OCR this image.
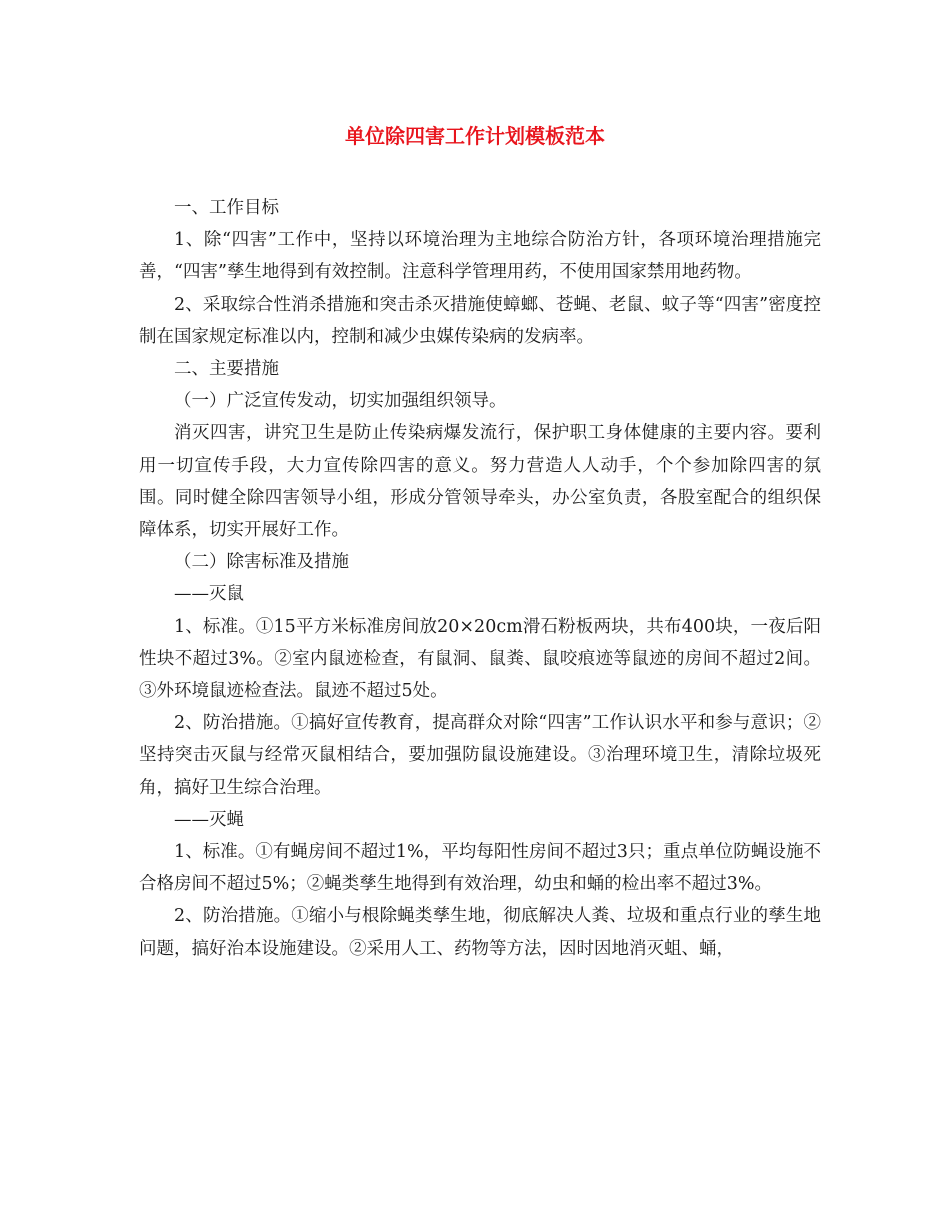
单位除四害工作计划模板范本

一、工作目标

1、除“四害”工作中，坚持以环境治理为主地综合防治方针，各项环境治理措施完善，“四害”孳生地得到有效控制。注意科学管理用药，不使用国家禁用地药物。

2、采取综合性消杀措施和突击杀灭措施使蟑螂、苍蝇、老鼠、蚊子等“四害”密度控制在国家规定标准以内，控制和减少虫媒传染病的发病率。

二、主要措施

（一）广泛宣传发动，切实加强组织领导。

消灭四害，讲究卫生是防止传染病爆发流行，保护职工身体健康的主要内容。要利用一切宣传手段，大力宣传除四害的意义。努力营造人人动手，个个参加除四害的氛围。同时健全除四害领导小组，形成分管领导牵头，办公室负责，各股室配合的组织保障体系，切实开展好工作。

（二）除害标准及措施

——灭鼠

1、标准。①15平方米标准房间放20×20cm滑石粉板两块，共布400块，一夜后阳性块不超过3%。②室内鼠迹检查，有鼠洞、鼠粪、鼠咬痕迹等鼠迹的房间不超过2间。③外环境鼠迹检查法。鼠迹不超过5处。

2、防治措施。①搞好宣传教育，提高群众对除“四害”工作认识水平和参与意识；②坚持突击灭鼠与经常灭鼠相结合，要加强防鼠设施建设。③治理环境卫生，清除垃圾死角，搞好卫生综合治理。

——灭蝇

1、标准。①有蝇房间不超过1%，平均每阳性房间不超过3只；重点单位防蝇设施不合格房间不超过5%；②蝇类孳生地得到有效治理，幼虫和蛹的检出率不超过3%。

2、防治措施。①缩小与根除蝇类孳生地，彻底解决人粪、垃圾和重点行业的孳生地问题，搞好治本设施建设。②采用人工、药物等方法，因时因地消灭蛆、蛹，
